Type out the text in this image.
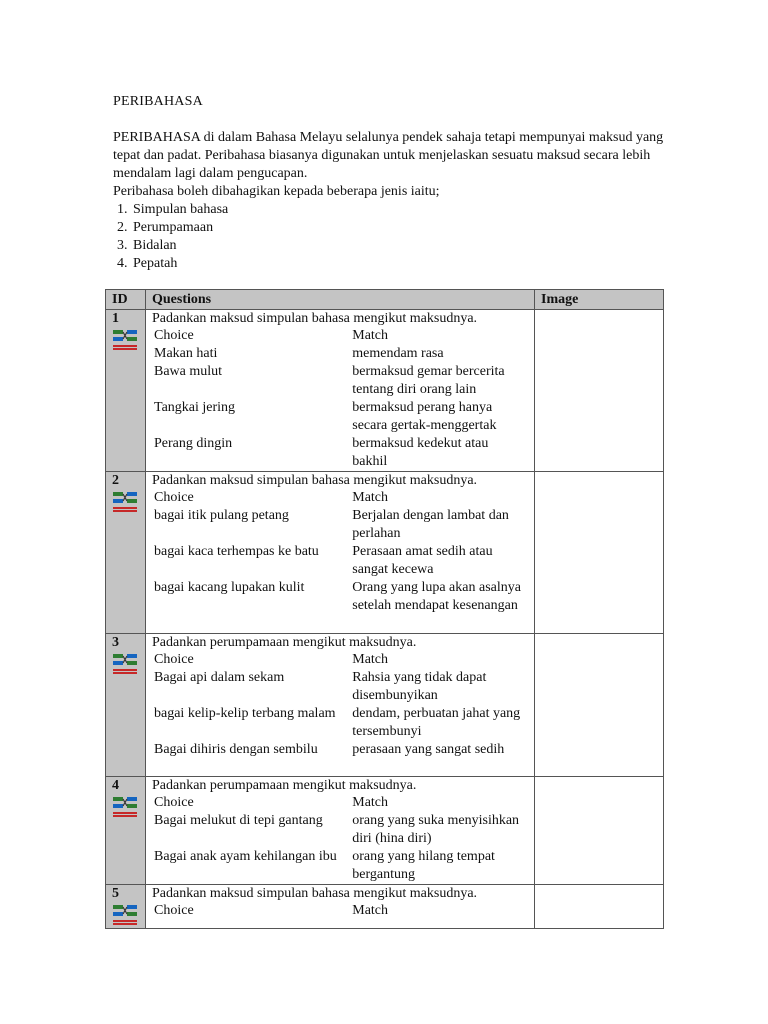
PERIBAHASA

PERIBAHASA di dalam Bahasa Melayu selalunya pendek sahaja tetapi mempunyai maksud yang tepat dan padat. Peribahasa biasanya digunakan untuk menjelaskan sesuatu maksud secara lebih mendalam lagi dalam pengucapan.

Peribahasa boleh dibahagikan kepada beberapa jenis iaitu;

1. Simpulan bahasa
2. Perumpamaan
3. Bidalan
4. Pepatah
ID	Questions	Image

1	Padankan maksud simpulan bahasa mengikut maksudnya.
Choice	Match
Makan hati	memendam rasa
Bawa mulut	bermaksud gemar bercerita tentang diri orang lain
Tangkai jering	bermaksud perang hanya secara gertak-menggertak
Perang dingin	bermaksud kedekut atau bakhil

2	Padankan maksud simpulan bahasa mengikut maksudnya.
Choice	Match
bagai itik pulang petang	Berjalan dengan lambat dan perlahan
bagai kaca terhempas ke batu	Perasaan amat sedih atau sangat kecewa
bagai kacang lupakan kulit	Orang yang lupa akan asalnya setelah mendapat kesenangan

3	Padankan perumpamaan mengikut maksudnya.
Choice	Match
Bagai api dalam sekam	Rahsia yang tidak dapat disembunyikan
bagai kelip-kelip terbang malam	dendam, perbuatan jahat yang tersembunyi
Bagai dihiris dengan sembilu	perasaan yang sangat sedih

4	Padankan perumpamaan mengikut maksudnya.
Choice	Match
Bagai melukut di tepi gantang	orang yang suka menyisihkan diri (hina diri)
Bagai anak ayam kehilangan ibu	orang yang hilang tempat bergantung

5	Padankan maksud simpulan bahasa mengikut maksudnya.
Choice	Match
